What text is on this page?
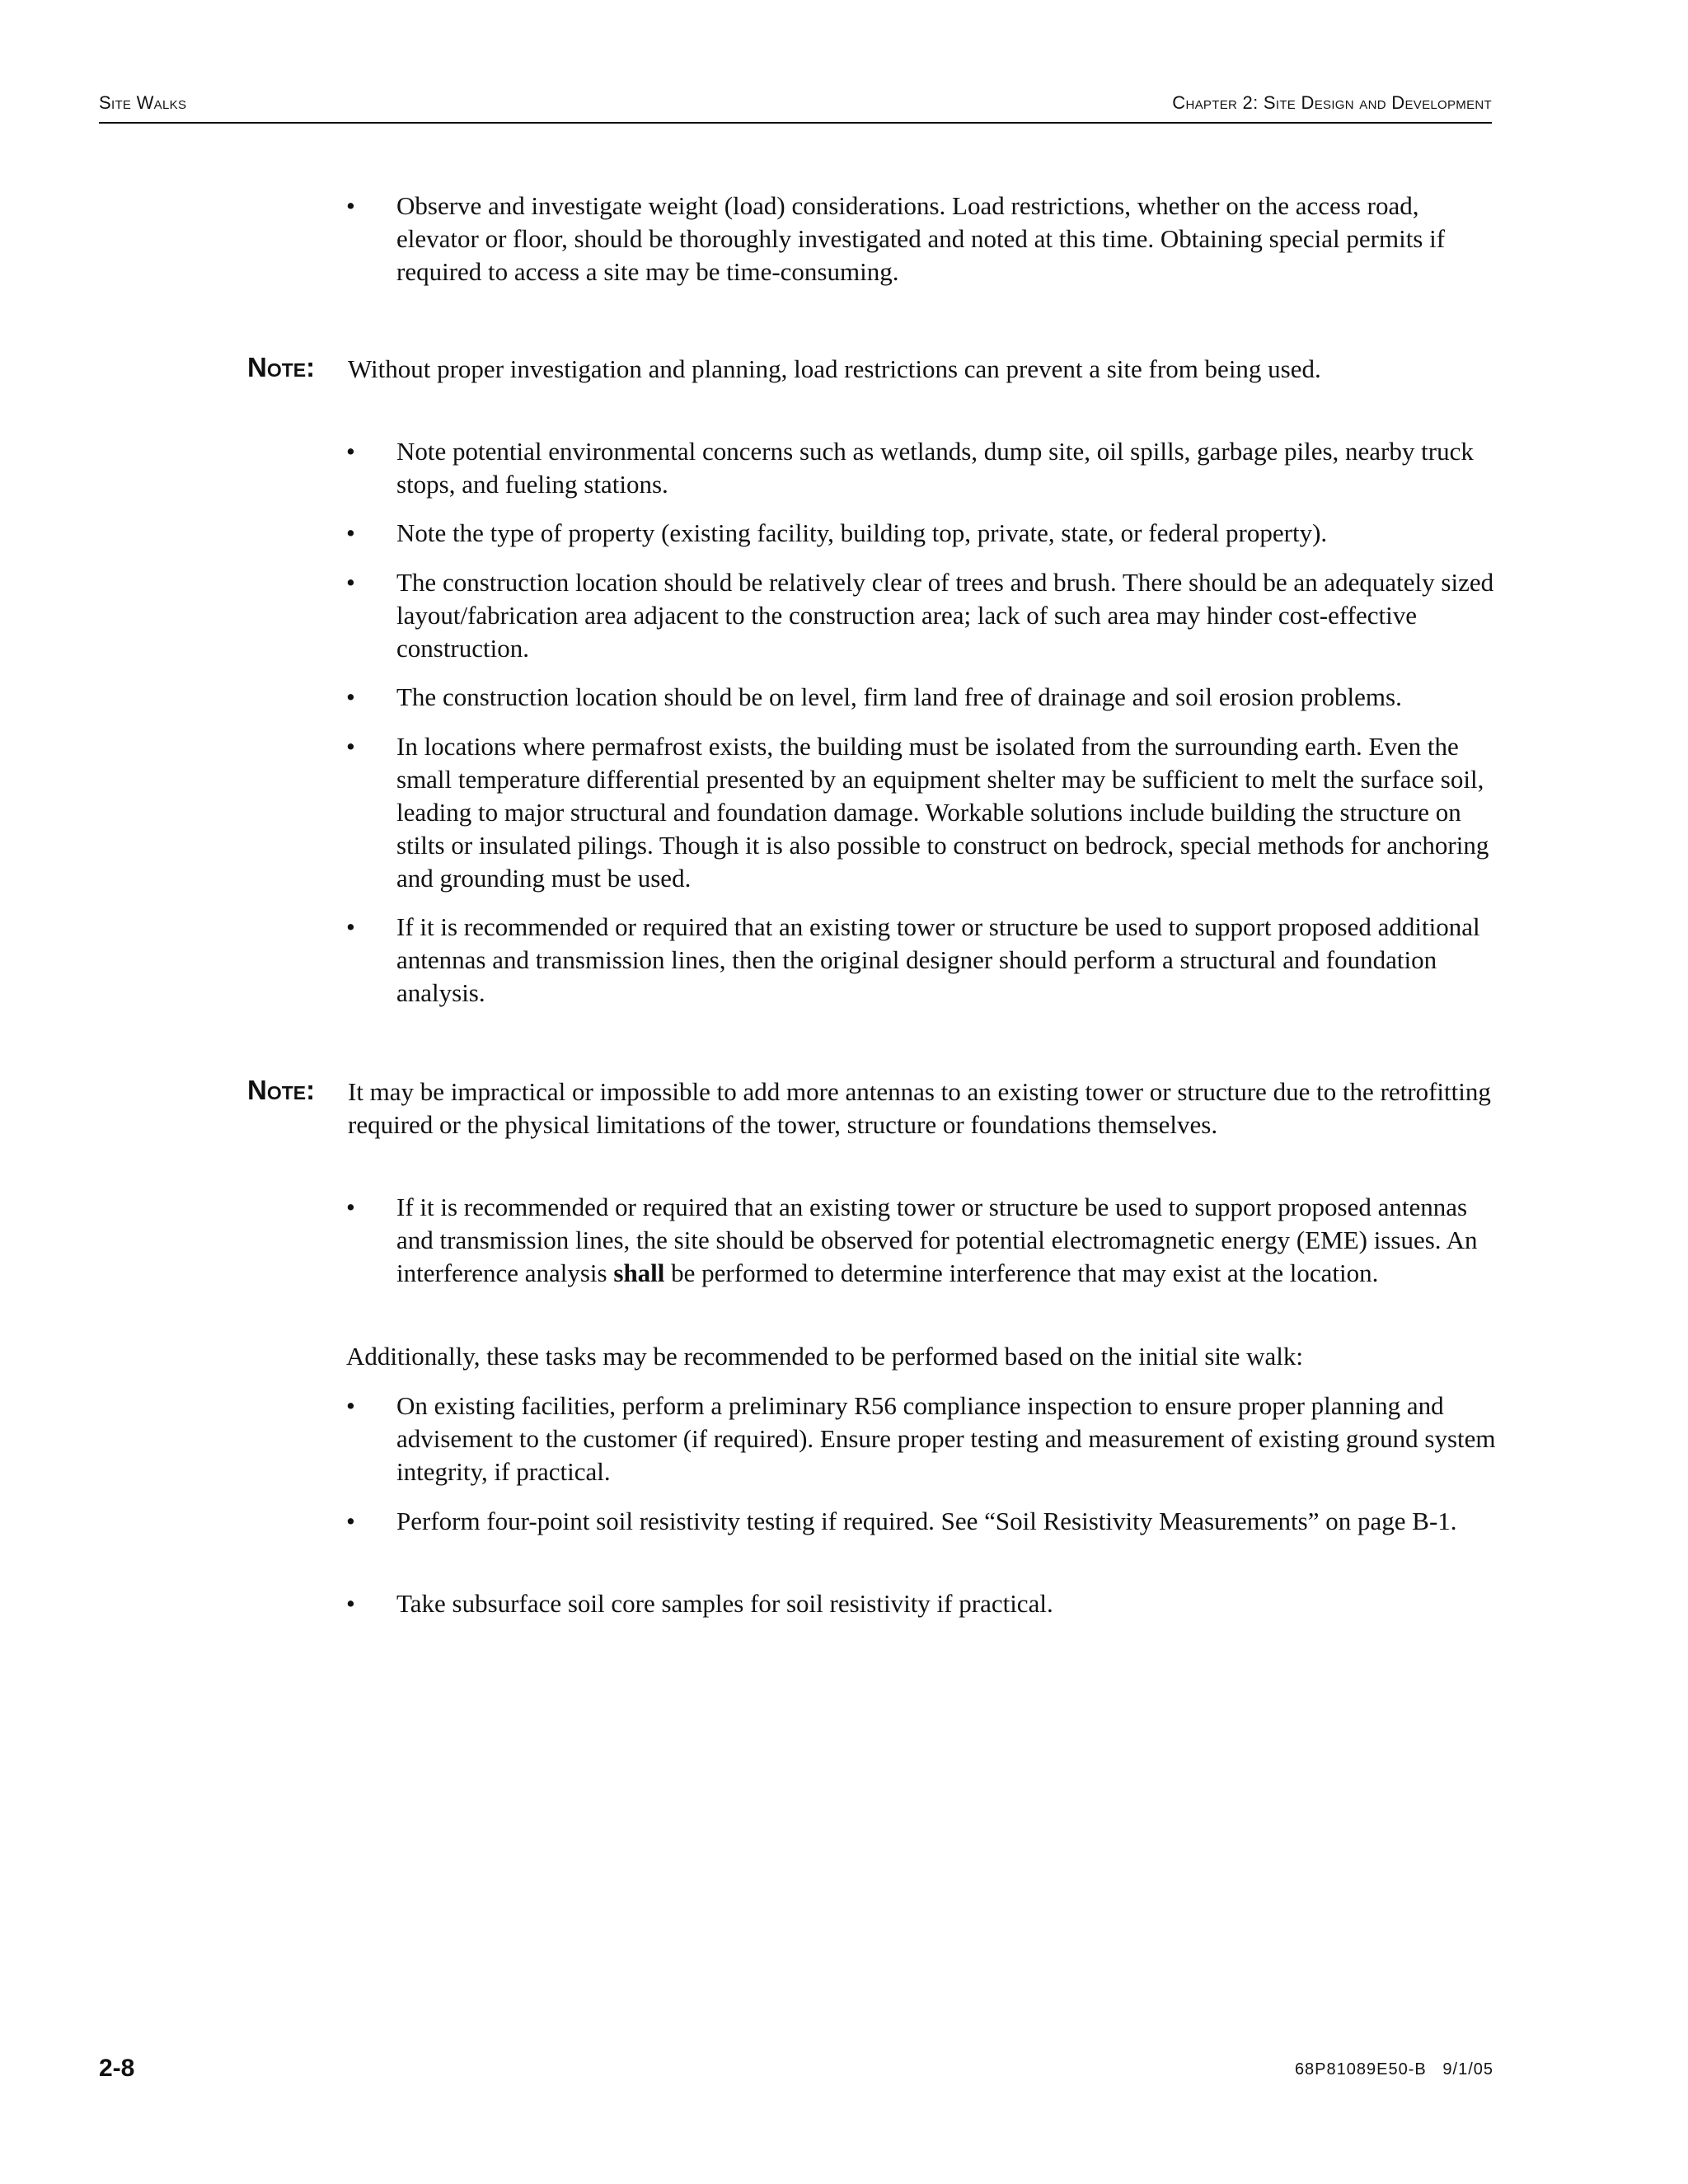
Site Walks	Chapter 2: Site Design and Development
•	Observe and investigate weight (load) considerations. Load restrictions, whether on the access road, elevator or floor, should be thoroughly investigated and noted at this time. Obtaining special permits if required to access a site may be time-consuming.
Note: Without proper investigation and planning, load restrictions can prevent a site from being used.
•	Note potential environmental concerns such as wetlands, dump site, oil spills, garbage piles, nearby truck stops, and fueling stations.
•	Note the type of property (existing facility, building top, private, state, or federal property).
•	The construction location should be relatively clear of trees and brush. There should be an adequately sized layout/fabrication area adjacent to the construction area; lack of such area may hinder cost-effective construction.
•	The construction location should be on level, firm land free of drainage and soil erosion problems.
•	In locations where permafrost exists, the building must be isolated from the surrounding earth. Even the small temperature differential presented by an equipment shelter may be sufficient to melt the surface soil, leading to major structural and foundation damage. Workable solutions include building the structure on stilts or insulated pilings. Though it is also possible to construct on bedrock, special methods for anchoring and grounding must be used.
•	If it is recommended or required that an existing tower or structure be used to support proposed additional antennas and transmission lines, then the original designer should perform a structural and foundation analysis.
Note: It may be impractical or impossible to add more antennas to an existing tower or structure due to the retrofitting required or the physical limitations of the tower, structure or foundations themselves.
•	If it is recommended or required that an existing tower or structure be used to support proposed antennas and transmission lines, the site should be observed for potential electromagnetic energy (EME) issues. An interference analysis shall be performed to determine interference that may exist at the location.
Additionally, these tasks may be recommended to be performed based on the initial site walk:
•	On existing facilities, perform a preliminary R56 compliance inspection to ensure proper planning and advisement to the customer (if required). Ensure proper testing and measurement of existing ground system integrity, if practical.
•	Perform four-point soil resistivity testing if required. See “Soil Resistivity Measurements” on page B-1.
•	Take subsurface soil core samples for soil resistivity if practical.
2-8	68P81089E50-B   9/1/05
